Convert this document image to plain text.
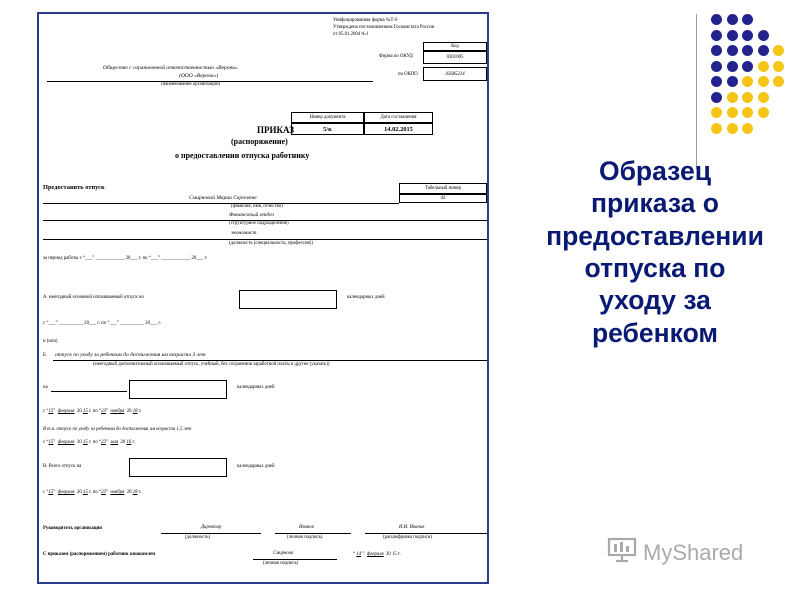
Унифицированная форма №Т-6
Утверждена постановлением Госкомстата России
от 05.01.2004 №1
Код
Форма по ОКУД	0301005
по ОКПО	45685234
Общество с ограниченной ответственностью «Верона»
(ООО «Верона»)
(наименование организации)
Номер документа	Дата составления
ПРИКАЗ	5/к	14.02.2015
(распоряжение)
о предоставлении отпуска работнику
Предоставить отпуск	Табельный номер
Смирновой Марии Сергеевне	43
(фамилия, имя, отчество)
Финансовый отдел
(структурное подразделение)
экономист
(должность (специальность, профессия))
за период работы с “___” ____________ 20___ г. по “___” ____________ 20___ г.
А. ежегодный основной оплачиваемый отпуск на	календарных дней
с “___” __________ 20___ г. по “___” __________ 20___ г.
и (или)
Б. отпуск по уходу за ребенком до достижения им возраста 3 лет
(ежегодный дополнительный оплачиваемый отпуск, учебный, без сохранения заработной платы и другие (указать))
на	календарных дней
с “15”  февраля 20 15 г. по “23”  ноября 20 18 г.
В т.ч. отпуск по уходу за ребенком до достижения им возраста 1,5 лет
с “15”  февраля 20 15 г. по “23”  мая 20 16 г.
В. Всего отпуск на	календарных дней
с “15”  февраля 20 15 г. по “23”  ноября 20 18 г.
Руководитель организации	Директор
(должность)
Иванов
(личная подпись)
И.И. Иванов
(расшифровка подписи)
С приказом (распоряжением) работник ознакомлен	Смирнова
(личная подпись)
“ 14 ”  февраля 20 15 г.
Образец
приказа о
предоставлении
отпуска по
уходу за
ребенком
MyShared
